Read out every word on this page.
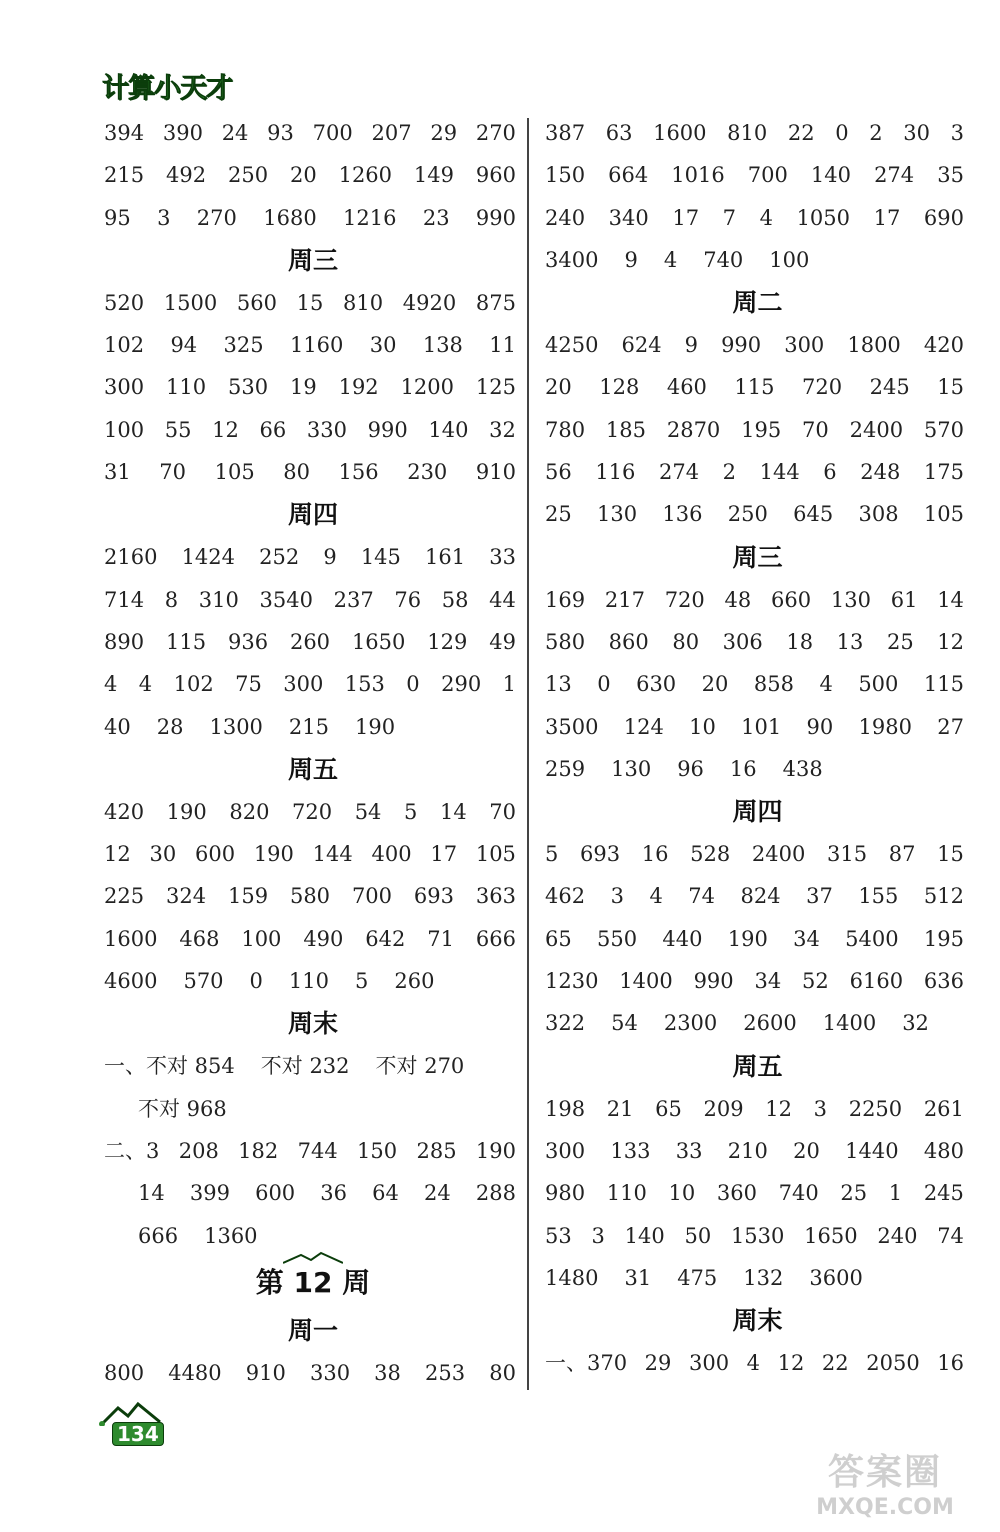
计算小天才
394 390 24 93 700 207 29 270
215 492 250 20 1260 149 960
95 3 270 1680 1216 23 990
周三
520 1500 560 15 810 4920 875
102 94 325 1160 30 138 11
300 110 530 19 192 1200 125
100 55 12 66 330 990 140 32
31 70 105 80 156 230 910
周四
2160 1424 252 9 145 161 33
714 8 310 3540 237 76 58 44
890 115 936 260 1650 129 49
4 4 102 75 300 153 0 290 1
40 28 1300 215 190
周五
420 190 820 720 54 5 14 70
12 30 600 190 144 400 17 105
225 324 159 580 700 693 363
1600 468 100 490 642 71 666
4600 570 0 110 5 260
周末
一、不对 854 不对 232 不对 270
不对 968
二、3 208 182 744 150 285 190
14 399 600 36 64 24 288
666 1360
第 12 周
周一
800 4480 910 330 38 253 80
387 63 1600 810 22 0 2 30 3
150 664 1016 700 140 274 35
240 340 17 7 4 1050 17 690
3400 9 4 740 100
周二
4250 624 9 990 300 1800 420
20 128 460 115 720 245 15
780 185 2870 195 70 2400 570
56 116 274 2 144 6 248 175
25 130 136 250 645 308 105
周三
169 217 720 48 660 130 61 14
580 860 80 306 18 13 25 12
13 0 630 20 858 4 500 115
3500 124 10 101 90 1980 27
259 130 96 16 438
周四
5 693 16 528 2400 315 87 15
462 3 4 74 824 37 155 512
65 550 440 190 34 5400 195
1230 1400 990 34 52 6160 636
322 54 2300 2600 1400 32
周五
198 21 65 209 12 3 2250 261
300 133 33 210 20 1440 480
980 110 10 360 740 25 1 245
53 3 140 50 1530 1650 240 74
1480 31 475 132 3600
周末
一、370 29 300 4 12 22 2050 16
134
答案圈
MXQE.COM
